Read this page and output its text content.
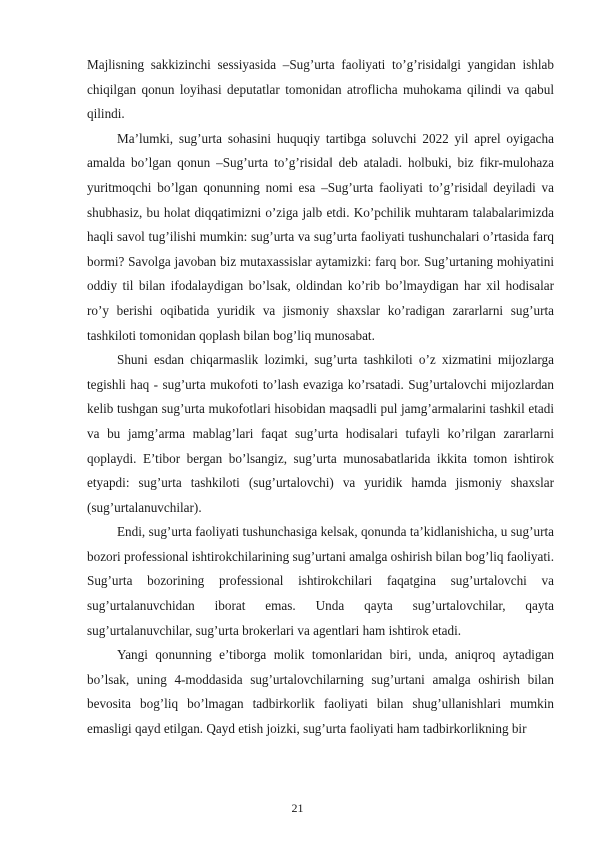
Majlisning sakkizinchi sessiyasida ‒Sug’urta faoliyati to’g’risida‖gi yangidan ishlab chiqilgan qonun loyihasi deputatlar tomonidan atroflicha muhokama qilindi va qabul qilindi.

Ma’lumki, sug’urta sohasini huquqiy tartibga soluvchi 2022 yil aprel oyigacha amalda bo’lgan qonun ‒Sug’urta to’g’risida‖ deb ataladi. holbuki, biz fikr-mulohaza yuritmoqchi bo’lgan qonunning nomi esa ‒Sug’urta faoliyati to’g’risida‖ deyiladi va shubhasiz, bu holat diqqatimizni o’ziga jalb etdi. Ko’pchilik muhtaram talabalarimizda haqli savol tug’ilishi mumkin: sug’urta va sug’urta faoliyati tushunchalari o’rtasida farq bormi? Savolga javoban biz mutaxassislar aytamizki: farq bor. Sug’urtaning mohiyatini oddiy til bilan ifodalaydigan bo’lsak, oldindan ko’rib bo’lmaydigan har xil hodisalar ro’y berishi oqibatida yuridik va jismoniy shaxslar ko’radigan zararlarni sug’urta tashkiloti tomonidan qoplash bilan bog’liq munosabat.

Shuni esdan chiqarmaslik lozimki, sug’urta tashkiloti o’z xizmatini mijozlarga tegishli haq - sug’urta mukofoti to’lash evaziga ko’rsatadi. Sug’urtalovchi mijozlardan kelib tushgan sug’urta mukofotlari hisobidan maqsadli pul jamg’armalarini tashkil etadi va bu jamg’arma mablag’lari faqat sug’urta hodisalari tufayli ko’rilgan zararlarni qoplaydi. E’tibor bergan bo’lsangiz, sug’urta munosabatlarida ikkita tomon ishtirok etyapdi: sug’urta tashkiloti (sug’urtalovchi) va yuridik hamda jismoniy shaxslar (sug’urtalanuvchilar).

Endi, sug’urta faoliyati tushunchasiga kelsak, qonunda ta’kidlanishicha, u sug’urta bozori professional ishtirokchilarining sug’urtani amalga oshirish bilan bog’liq faoliyati. Sug’urta bozorining professional ishtirokchilari faqatgina sug’urtalovchi va sug’urtalanuvchidan iborat emas. Unda qayta sug’urtalovchilar, qayta sug’urtalanuvchilar, sug’urta brokerlari va agentlari ham ishtirok etadi.

Yangi qonunning e’tiborga molik tomonlaridan biri, unda, aniqroq aytadigan bo’lsak, uning 4-moddasida sug’urtalovchilarning sug’urtani amalga oshirish bilan bevosita bog’liq bo’lmagan tadbirkorlik faoliyati bilan shug’ullanishlari mumkin emasligi qayd etilgan. Qayd etish joizki, sug’urta faoliyati ham tadbirkorlikning bir

21
